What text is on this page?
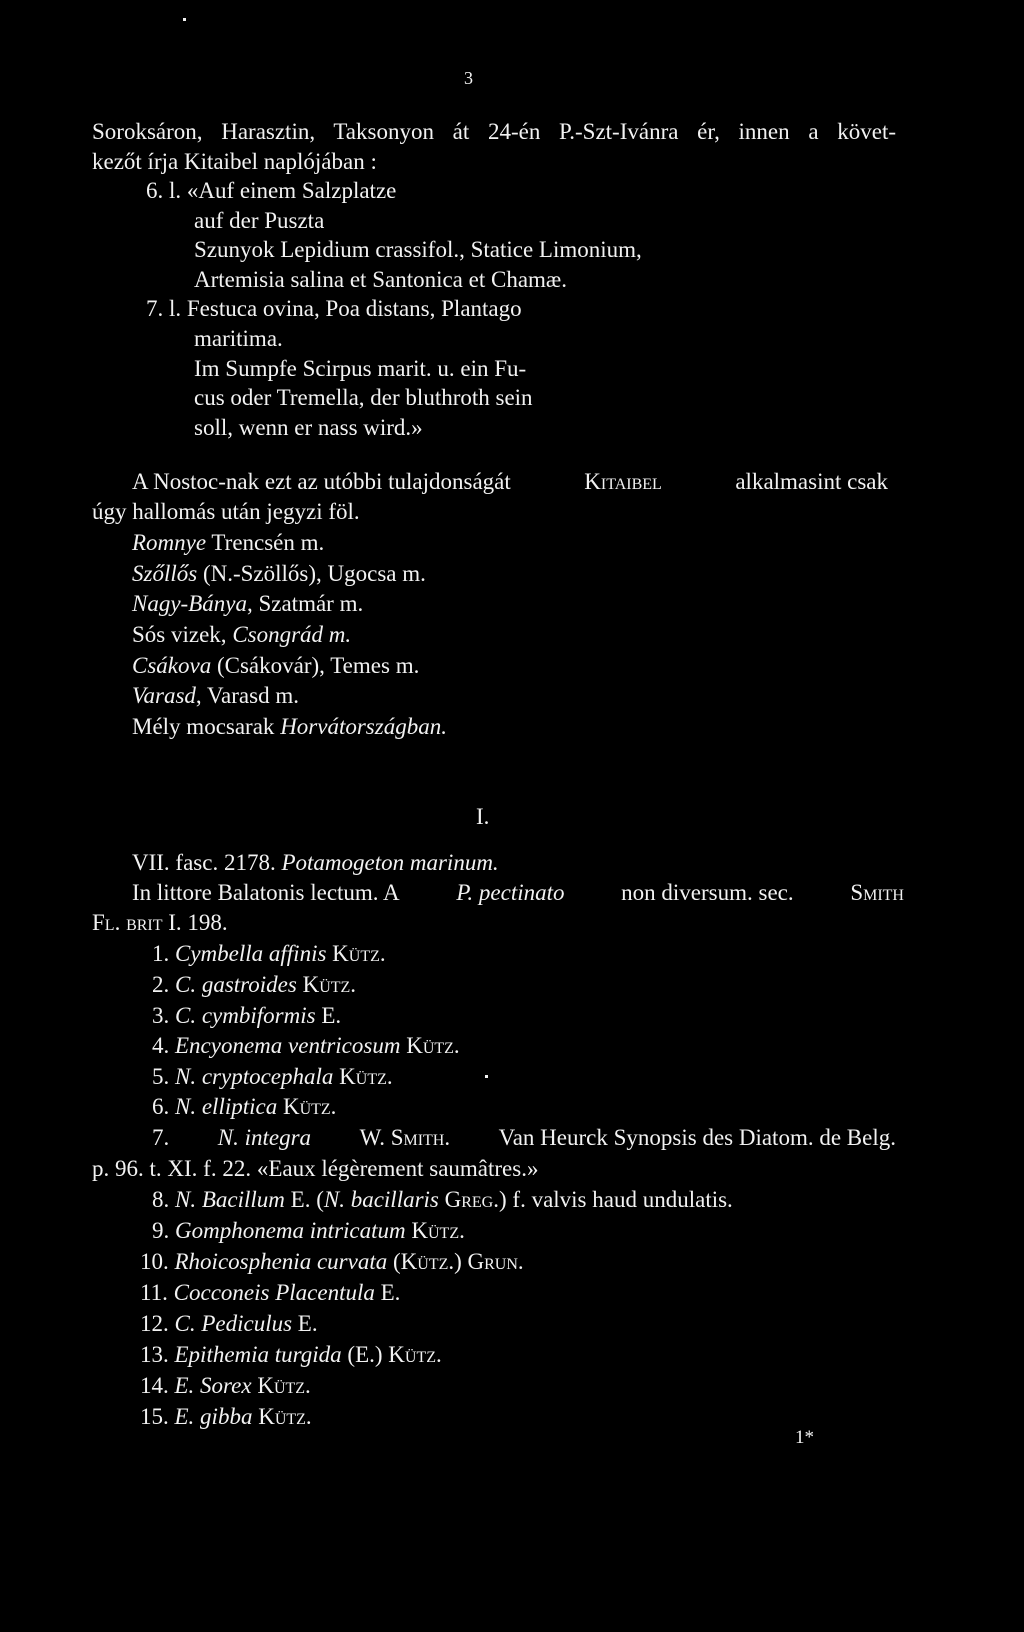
3
Soroksáron, Harasztin, Taksonyon át 24-én P.-Szt-Ivánra ér, innen a követ-
kezőt írja Kitaibel naplójában :
6. l. «Auf einem Salzplatze
auf der Puszta
Szunyok Lepidium crassifol., Statice Limonium,
Artemisia salina et Santonica et Chamæ.
7. l. Festuca ovina, Poa distans, Plantago
maritima.
Im Sumpfe Scirpus marit. u. ein Fu-
cus oder Tremella, der bluthroth sein
soll, wenn er nass wird.»
A Nostoc-nak ezt az utóbbi tulajdonságát	Kitaibel	alkalmasint csak
úgy hallomás után jegyzi föl.
Romnye Trencsén m.
Szőllős (N.-Szöllős), Ugocsa m.
Nagy-Bánya, Szatmár m.
Sós vizek, Csongrád m.
Csákova (Csákovár), Temes m.
Varasd, Varasd m.
Mély mocsarak Horvátországban.
I.
VII. fasc. 2178. Potamogeton marinum.
In littore Balatonis lectum. A P. pectinato non diversum. sec. Smith
Fl. brit I. 198.
1. Cymbella affinis Kütz.
2. C. gastroides Kütz.
3. C. cymbiformis E.
4. Encyonema ventricosum Kütz.
5. N. cryptocephala Kütz.
6. N. elliptica Kütz.
7. N. integra W. Smith. Van Heurck Synopsis des Diatom. de Belg.
p. 96. t. XI. f. 22. «Eaux légèrement saumâtres.»
8. N. Bacillum E. (N. bacillaris Greg.) f. valvis haud undulatis.
9. Gomphonema intricatum Kütz.
10. Rhoicosphenia curvata (Kütz.) Grun.
11. Cocconeis Placentula E.
12. C. Pediculus E.
13. Epithemia turgida (E.) Kütz.
14. E. Sorex Kütz.
15. E. gibba Kütz.
1*
